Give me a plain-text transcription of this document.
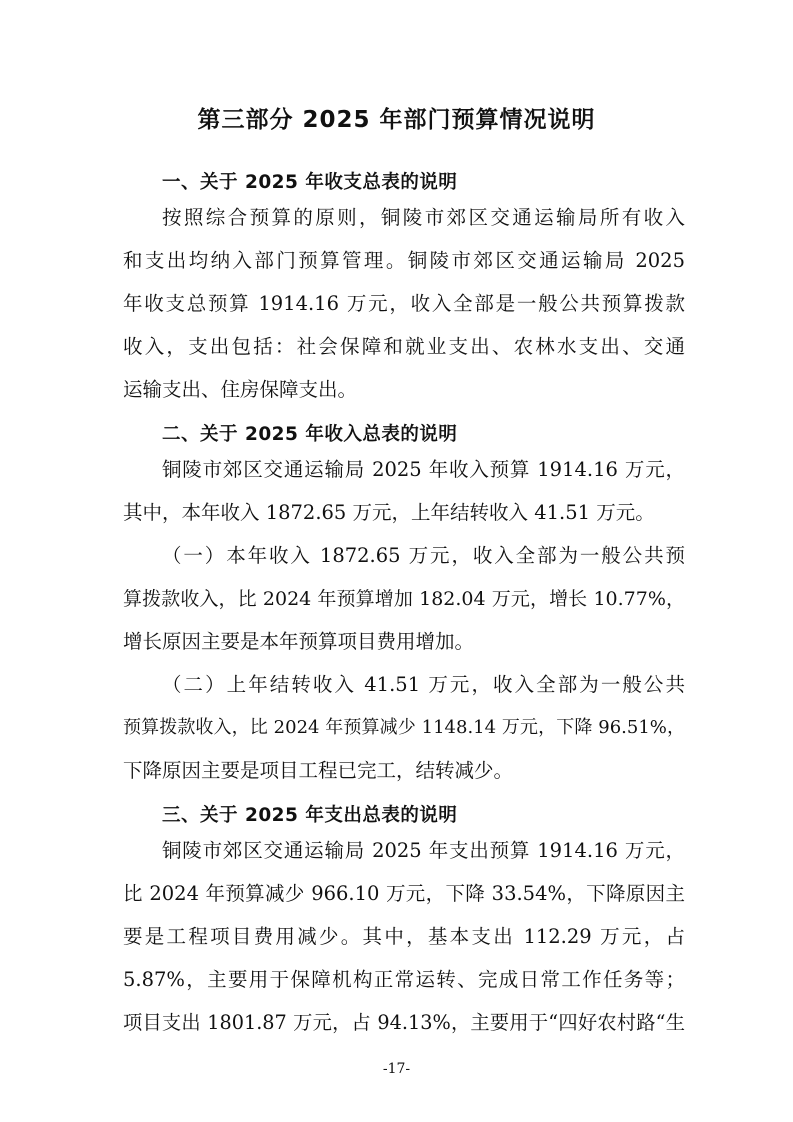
第三部分 2025 年部门预算情况说明
一、关于 2025 年收支总表的说明
按照综合预算的原则，铜陵市郊区交通运输局所有收入
和支出均纳入部门预算管理。铜陵市郊区交通运输局 2025
年收支总预算 1914.16 万元，收入全部是一般公共预算拨款
收入，支出包括：社会保障和就业支出、农林水支出、交通
运输支出、住房保障支出。
二、关于 2025 年收入总表的说明
铜陵市郊区交通运输局 2025 年收入预算 1914.16 万元，
其中，本年收入 1872.65 万元，上年结转收入 41.51 万元。
（一）本年收入 1872.65 万元，收入全部为一般公共预
算拨款收入，比 2024 年预算增加 182.04 万元，增长 10.77%，
增长原因主要是本年预算项目费用增加。
（二）上年结转收入 41.51 万元，收入全部为一般公共
预算拨款收入，比 2024 年预算减少 1148.14 万元，下降 96.51%，
下降原因主要是项目工程已完工，结转减少。
三、关于 2025 年支出总表的说明
铜陵市郊区交通运输局 2025 年支出预算 1914.16 万元，
比 2024 年预算减少 966.10 万元，下降 33.54%，下降原因主
要是工程项目费用减少。其中，基本支出 112.29 万元，占
5.87%，主要用于保障机构正常运转、完成日常工作任务等；
项目支出 1801.87 万元，占 94.13%，主要用于“四好农村路“生
-17-
